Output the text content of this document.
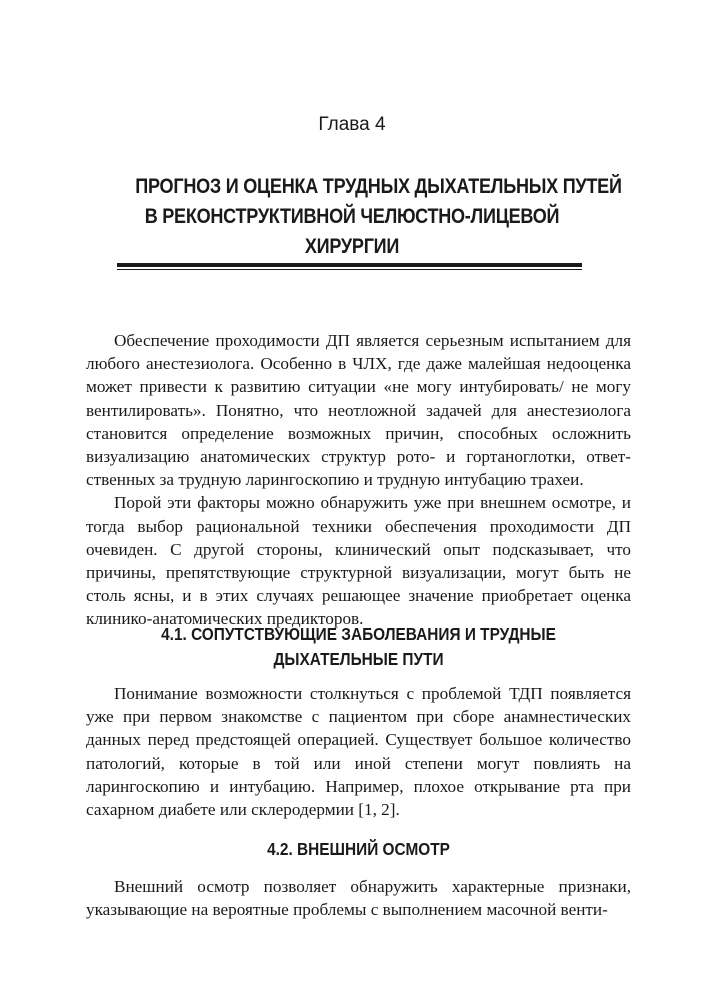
Глава 4
ПРОГНОЗ И ОЦЕНКА ТРУДНЫХ ДЫХАТЕЛЬНЫХ ПУТЕЙ
В РЕКОНСТРУКТИВНОЙ ЧЕЛЮСТНО-ЛИЦЕВОЙ
ХИРУРГИИ

Обеспечение проходимости ДП является серьезным испытанием для любого анестезиолога. Особенно в ЧЛХ, где даже малейшая недооценка может привести к развитию ситуации «не могу интубировать/ не могу вентилировать». Понятно, что неотложной задачей для анестезиолога становится определение возможных причин, способных осложнить визуализацию анатомических структур рото- и гортаноглотки, ответственных за трудную ларингоскопию и трудную интубацию трахеи.

Порой эти факторы можно обнаружить уже при внешнем осмотре, и тогда выбор рациональной техники обеспечения проходимости ДП очевиден. С другой стороны, клинический опыт подсказывает, что причины, препятствующие структурной визуализации, могут быть не столь ясны, и в этих случаях решающее значение приобретает оценка клинико-анатомических предикторов.

4.1. СОПУТСТВУЮЩИЕ ЗАБОЛЕВАНИЯ И ТРУДНЫЕ
ДЫХАТЕЛЬНЫЕ ПУТИ

Понимание возможности столкнуться с проблемой ТДП появляется уже при первом знакомстве с пациентом при сборе анамнестических данных перед предстоящей операцией. Существует большое количество патологий, которые в той или иной степени могут повлиять на ларингоскопию и интубацию. Например, плохое открывание рта при сахарном диабете или склеродермии [1, 2].

4.2. ВНЕШНИЙ ОСМОТР

Внешний осмотр позволяет обнаружить характерные признаки, указывающие на вероятные проблемы с выполнением масочной венти-
